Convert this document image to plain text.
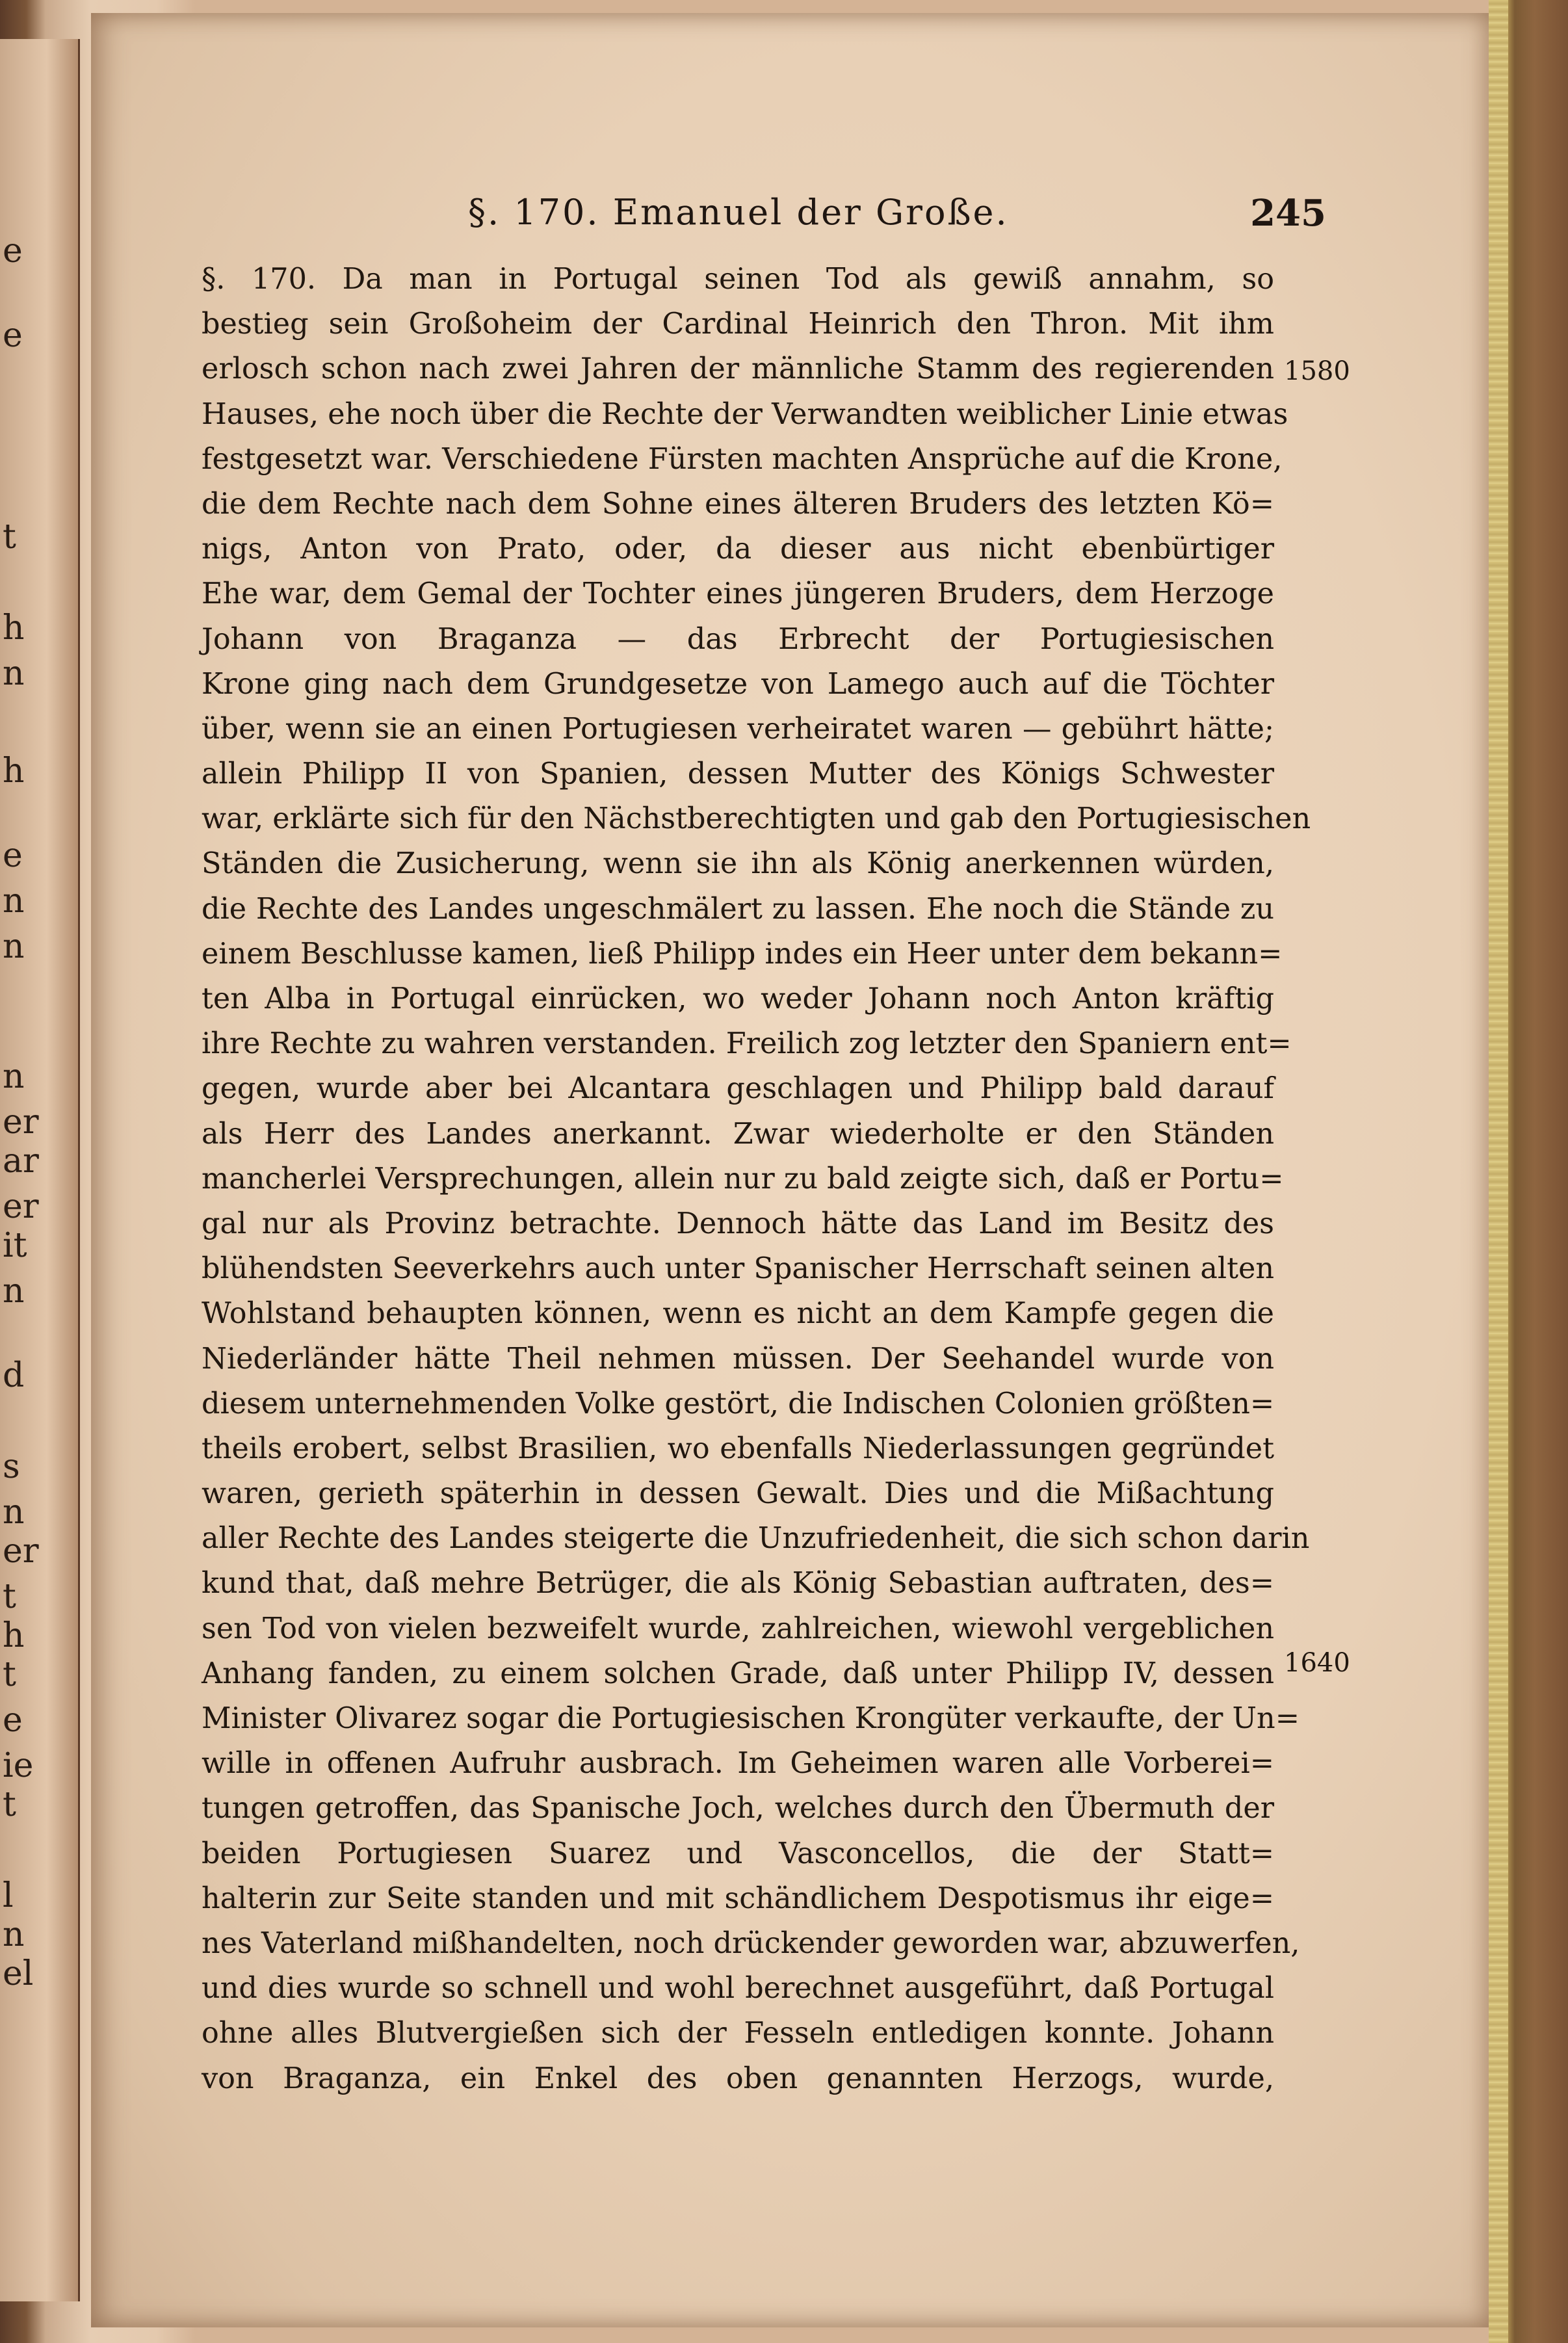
e
e
t
h
n
h
e
n
n
n
er
ar
er
it
n
d
s
n
er
t
h
t
e
ie
t
l
n
el
§. 170. Emanuel der Große.	245
§. 170. Da man in Portugal seinen Tod als gewiß annahm, so
bestieg sein Großoheim der Cardinal Heinrich den Thron. Mit ihm
erlosch schon nach zwei Jahren der männliche Stamm des regierenden
Hauses, ehe noch über die Rechte der Verwandten weiblicher Linie etwas
festgesetzt war. Verschiedene Fürsten machten Ansprüche auf die Krone,
die dem Rechte nach dem Sohne eines älteren Bruders des letzten Kö=
nigs, Anton von Prato, oder, da dieser aus nicht ebenbürtiger
Ehe war, dem Gemal der Tochter eines jüngeren Bruders, dem Herzoge
Johann von Braganza — das Erbrecht der Portugiesischen
Krone ging nach dem Grundgesetze von Lamego auch auf die Töchter
über, wenn sie an einen Portugiesen verheiratet waren — gebührt hätte;
allein Philipp II von Spanien, dessen Mutter des Königs Schwester
war, erklärte sich für den Nächstberechtigten und gab den Portugiesischen
Ständen die Zusicherung, wenn sie ihn als König anerkennen würden,
die Rechte des Landes ungeschmälert zu lassen. Ehe noch die Stände zu
einem Beschlusse kamen, ließ Philipp indes ein Heer unter dem bekann=
ten Alba in Portugal einrücken, wo weder Johann noch Anton kräftig
ihre Rechte zu wahren verstanden. Freilich zog letzter den Spaniern ent=
gegen, wurde aber bei Alcantara geschlagen und Philipp bald darauf
als Herr des Landes anerkannt. Zwar wiederholte er den Ständen
mancherlei Versprechungen, allein nur zu bald zeigte sich, daß er Portu=
gal nur als Provinz betrachte. Dennoch hätte das Land im Besitz des
blühendsten Seeverkehrs auch unter Spanischer Herrschaft seinen alten
Wohlstand behaupten können, wenn es nicht an dem Kampfe gegen die
Niederländer hätte Theil nehmen müssen. Der Seehandel wurde von
diesem unternehmenden Volke gestört, die Indischen Colonien größten=
theils erobert, selbst Brasilien, wo ebenfalls Niederlassungen gegründet
waren, gerieth späterhin in dessen Gewalt. Dies und die Mißachtung
aller Rechte des Landes steigerte die Unzufriedenheit, die sich schon darin
kund that, daß mehre Betrüger, die als König Sebastian auftraten, des=
sen Tod von vielen bezweifelt wurde, zahlreichen, wiewohl vergeblichen
Anhang fanden, zu einem solchen Grade, daß unter Philipp IV, dessen
Minister Olivarez sogar die Portugiesischen Krongüter verkaufte, der Un=
wille in offenen Aufruhr ausbrach. Im Geheimen waren alle Vorberei=
tungen getroffen, das Spanische Joch, welches durch den Übermuth der
beiden Portugiesen Suarez und Vasconcellos, die der Statt=
halterin zur Seite standen und mit schändlichem Despotismus ihr eige=
nes Vaterland mißhandelten, noch drückender geworden war, abzuwerfen,
und dies wurde so schnell und wohl berechnet ausgeführt, daß Portugal
ohne alles Blutvergießen sich der Fesseln entledigen konnte. Johann
von Braganza, ein Enkel des oben genannten Herzogs, wurde,
1580
1640
